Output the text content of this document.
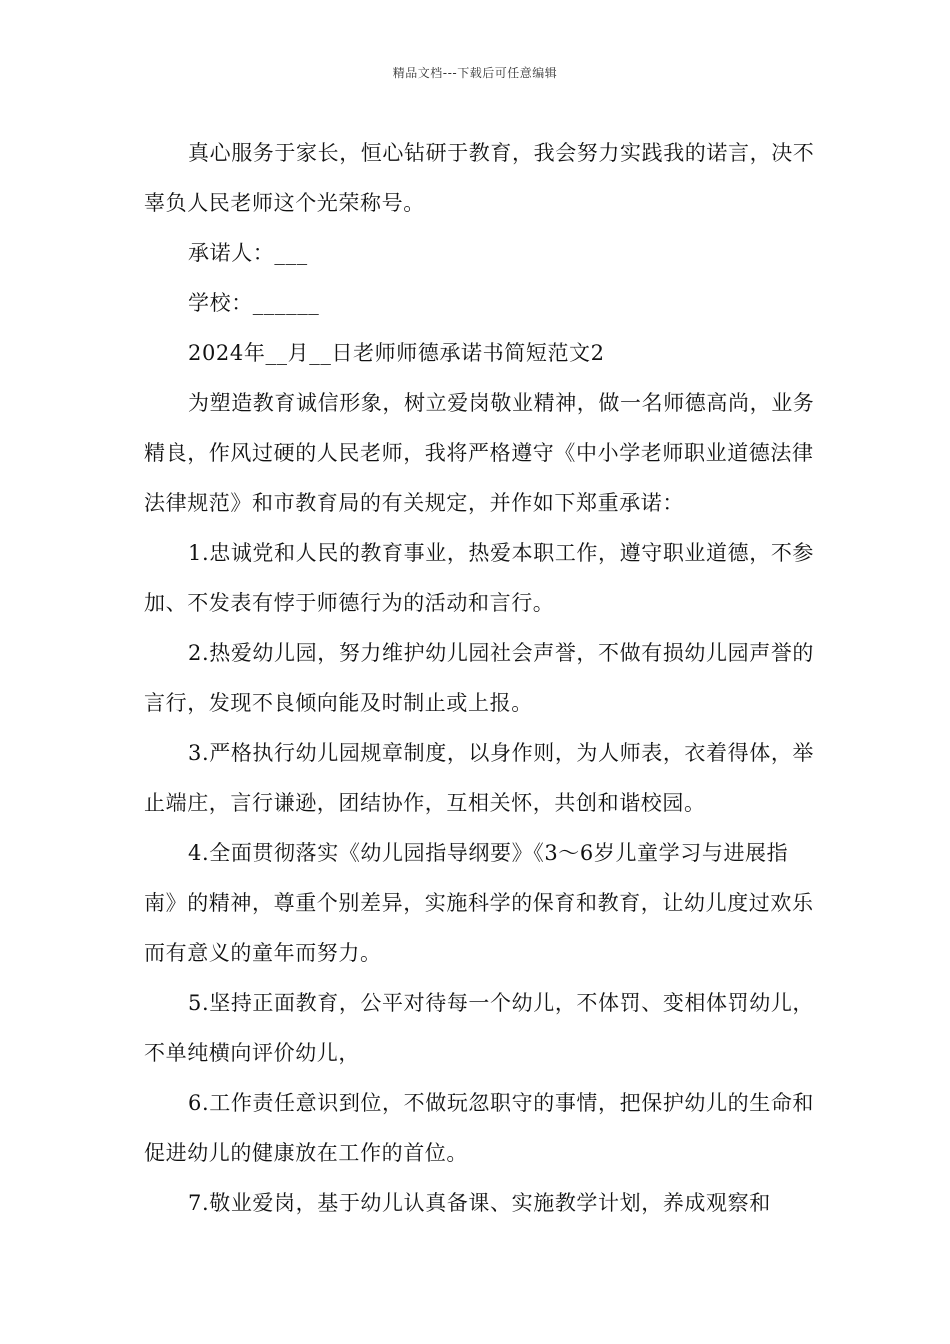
精品文档---下载后可任意编辑

真心服务于家长，恒心钻研于教育，我会努力实践我的诺言，决不辜负人民老师这个光荣称号。

承诺人：___

学校：______

2024年__月__日老师师德承诺书简短范文2

为塑造教育诚信形象，树立爱岗敬业精神，做一名师德高尚，业务精良，作风过硬的人民老师，我将严格遵守《中小学老师职业道德法律法律规范》和市教育局的有关规定，并作如下郑重承诺：

1.忠诚党和人民的教育事业，热爱本职工作，遵守职业道德，不参加、不发表有悖于师德行为的活动和言行。

2.热爱幼儿园，努力维护幼儿园社会声誉，不做有损幼儿园声誉的言行，发现不良倾向能及时制止或上报。

3.严格执行幼儿园规章制度，以身作则，为人师表，衣着得体，举止端庄，言行谦逊，团结协作，互相关怀，共创和谐校园。

4.全面贯彻落实《幼儿园指导纲要》《3～6岁儿童学习与进展指南》的精神，尊重个别差异，实施科学的保育和教育，让幼儿度过欢乐而有意义的童年而努力。

5.坚持正面教育，公平对待每一个幼儿，不体罚、变相体罚幼儿，不单纯横向评价幼儿，

6.工作责任意识到位，不做玩忽职守的事情，把保护幼儿的生命和促进幼儿的健康放在工作的首位。

7.敬业爱岗，基于幼儿认真备课、实施教学计划，养成观察和
